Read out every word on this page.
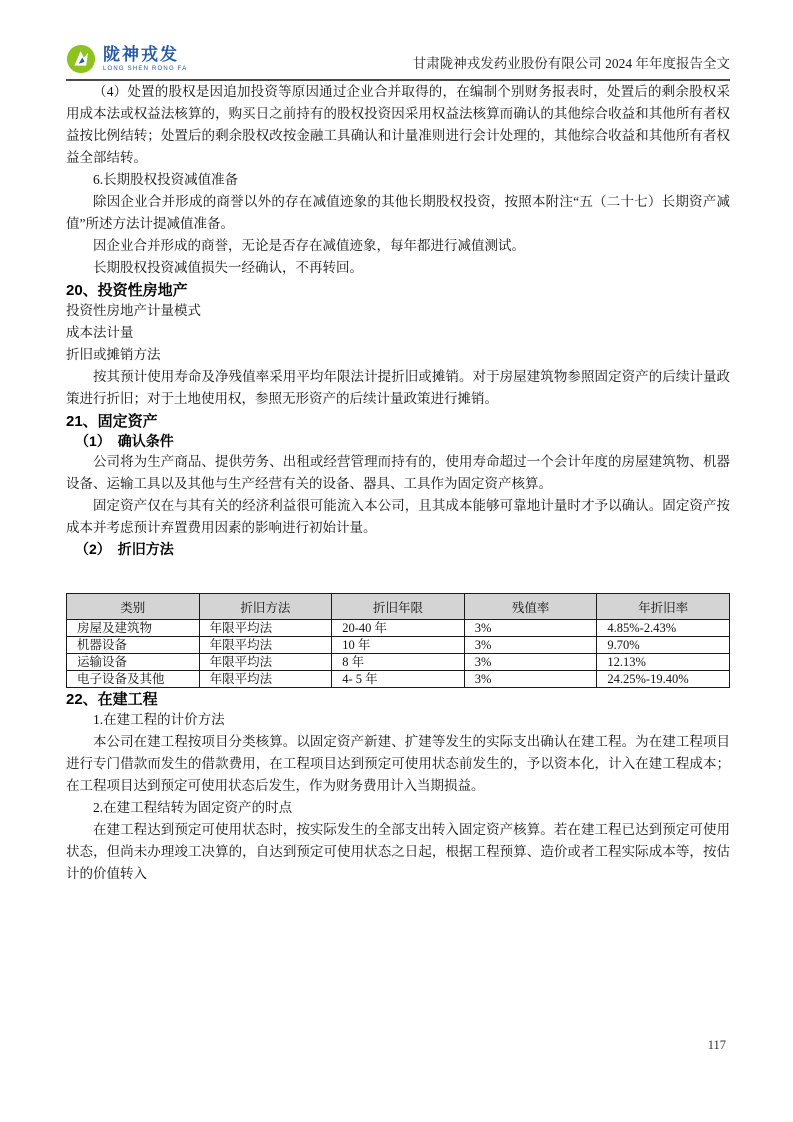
陇神戎发
LONG SHEN RONG FA	甘肃陇神戎发药业股份有限公司 2024 年年度报告全文

（4）处置的股权是因追加投资等原因通过企业合并取得的，在编制个别财务报表时，处置后的剩余股权采用成本法或权益法核算的，购买日之前持有的股权投资因采用权益法核算而确认的其他综合收益和其他所有者权益按比例结转；处置后的剩余股权改按金融工具确认和计量准则进行会计处理的，其他综合收益和其他所有者权益全部结转。

6.长期股权投资减值准备

除因企业合并形成的商誉以外的存在减值迹象的其他长期股权投资，按照本附注“五（二十七）长期资产减值”所述方法计提减值准备。

因企业合并形成的商誉，无论是否存在减值迹象，每年都进行减值测试。

长期股权投资减值损失一经确认，不再转回。

20、投资性房地产

投资性房地产计量模式

成本法计量

折旧或摊销方法

按其预计使用寿命及净残值率采用平均年限法计提折旧或摊销。对于房屋建筑物参照固定资产的后续计量政策进行折旧；对于土地使用权，参照无形资产的后续计量政策进行摊销。

21、固定资产
（1）　确认条件

公司将为生产商品、提供劳务、出租或经营管理而持有的，使用寿命超过一个会计年度的房屋建筑物、机器设备、运输工具以及其他与生产经营有关的设备、器具、工具作为固定资产核算。

固定资产仅在与其有关的经济利益很可能流入本公司，且其成本能够可靠地计量时才予以确认。固定资产按成本并考虑预计弃置费用因素的影响进行初始计量。

（2）　折旧方法
类别	折旧方法	折旧年限	残值率	年折旧率
房屋及建筑物	年限平均法	20-40 年	3%	4.85%-2.43%
机器设备	年限平均法	10 年	3%	9.70%
运输设备	年限平均法	8 年	3%	12.13%
电子设备及其他	年限平均法	4- 5 年	3%	24.25%-19.40%
22、在建工程

1.在建工程的计价方法

本公司在建工程按项目分类核算。以固定资产新建、扩建等发生的实际支出确认在建工程。为在建工程项目进行专门借款而发生的借款费用，在工程项目达到预定可使用状态前发生的，予以资本化，计入在建工程成本；在工程项目达到预定可使用状态后发生，作为财务费用计入当期损益。

2.在建工程结转为固定资产的时点

在建工程达到预定可使用状态时，按实际发生的全部支出转入固定资产核算。若在建工程已达到预定可使用状态，但尚未办理竣工决算的，自达到预定可使用状态之日起，根据工程预算、造价或者工程实际成本等，按估计的价值转入

117
